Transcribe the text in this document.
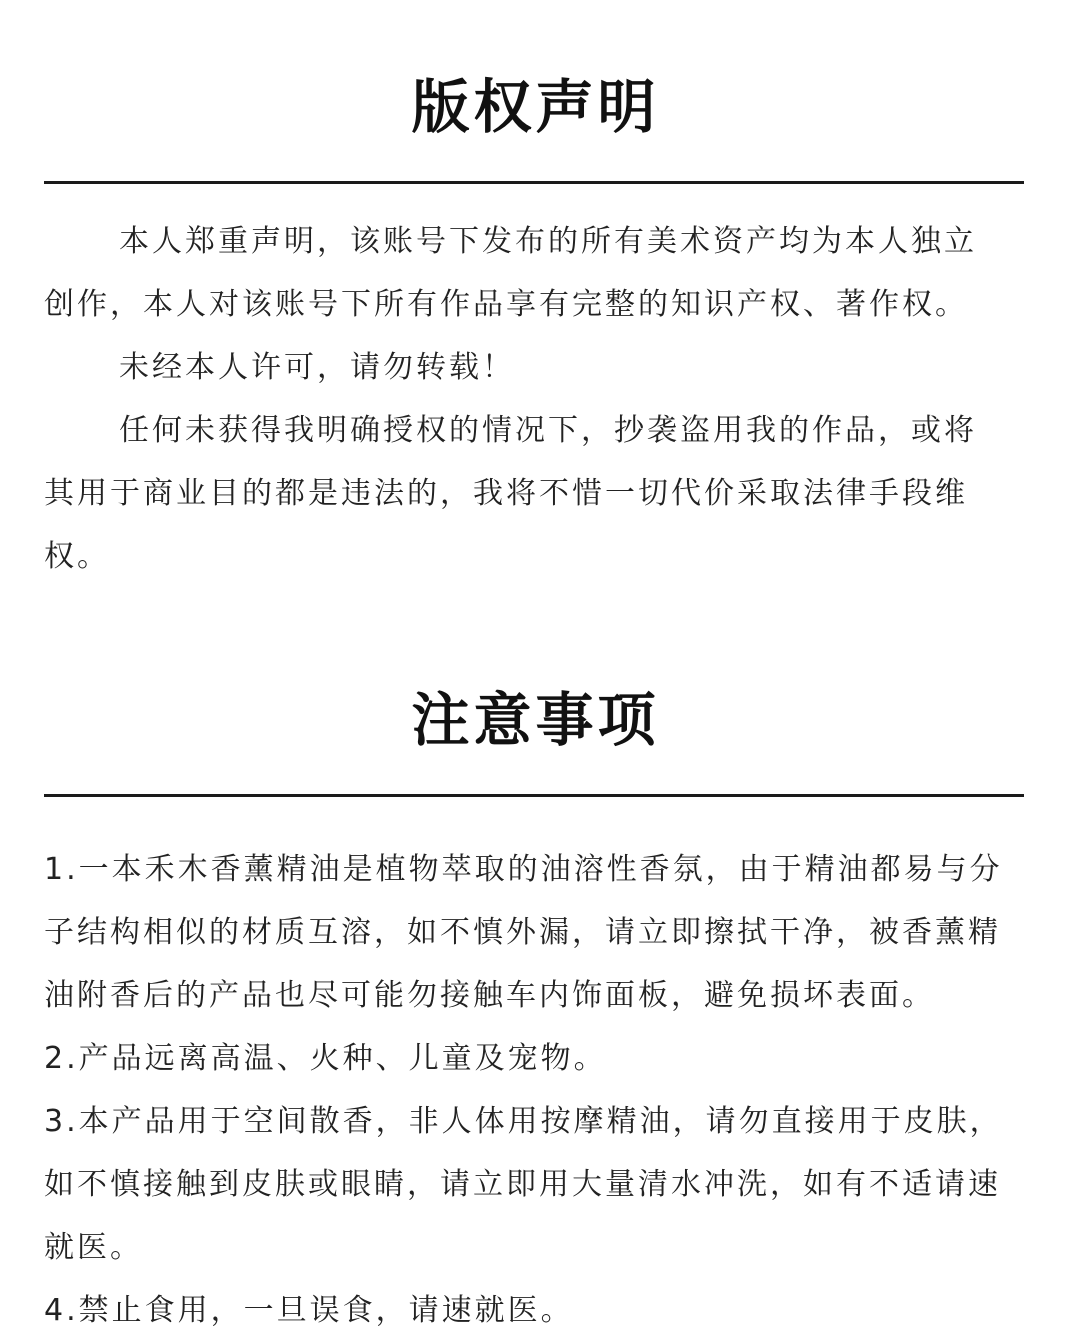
版权声明

本人郑重声明，该账号下发布的所有美术资产均为本人独立创作，本人对该账号下所有作品享有完整的知识产权、著作权。

未经本人许可，请勿转载！

任何未获得我明确授权的情况下，抄袭盗用我的作品，或将其用于商业目的都是违法的，我将不惜一切代价采取法律手段维权。

注意事项

1.一本禾木香薰精油是植物萃取的油溶性香氛，由于精油都易与分子结构相似的材质互溶，如不慎外漏，请立即擦拭干净，被香薰精油附香后的产品也尽可能勿接触车内饰面板，避免损坏表面。

2.产品远离高温、火种、儿童及宠物。

3.本产品用于空间散香，非人体用按摩精油，请勿直接用于皮肤，如不慎接触到皮肤或眼睛，请立即用大量清水冲洗，如有不适请速就医。

4.禁止食用，一旦误食，请速就医。
